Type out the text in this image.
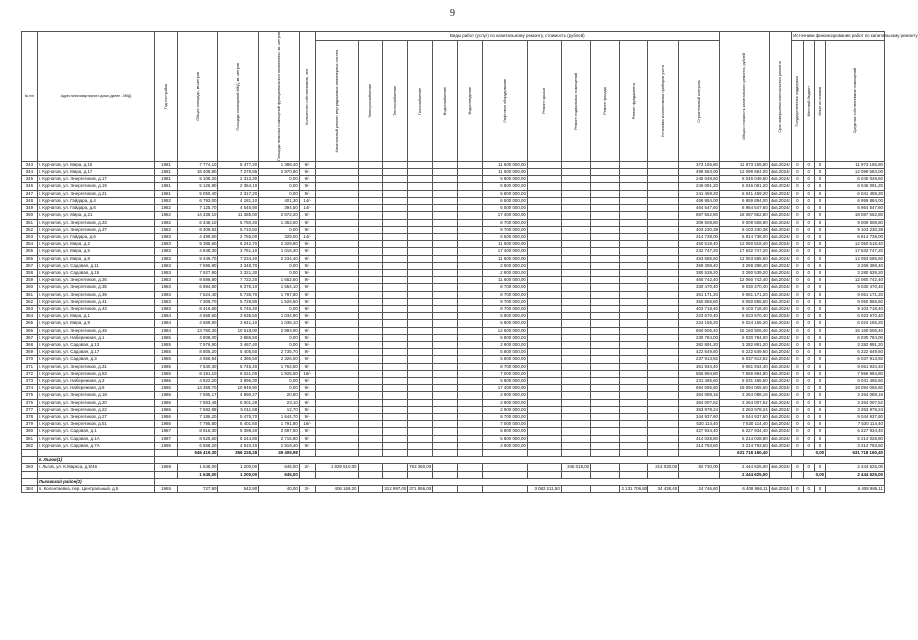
9
№ п/п	Адрес многоквартирного дома (далее - МКД)	Год постройки	Общая площадь, кв.метров	Площадь помещений МКД, кв. метров	Площадь нежилых помещений функционального назначения, кв. метров	Количество собственников, чел	Виды работ (услуг) по капитальному ремонту, стоимость (рублей)													Общая стоимость капитального ремонта, рублей	Срок завершения капитального ремонта	Источники финансирования работ по капитальному ремонту			

							Капитальный ремонт внутридомовых инженерных систем	Электроснабжение	Теплоснабжение	Газоснабжение	Водоснабжение	Водоотведение	Лифтовое оборудование	Ремонт крыши	Ремонт подвальных помещений	Ремонт фасада	Ремонт фундамента	Установка коллективных приборов учета	Строительный контроль			Государственная поддержка	Местный бюджет	Иные источники	Средства собственников помещений

343	г. Курчатов, ул. Мира, д.16	1981	7 774,10	5 477,20	1 388,40	9/-							11 600 000,00						373 155,80	11 973 155,80	4кв.2024г	0	0	0	11 973 155,80
344	г. Курчатов, ул. Мира, д.17	1981	16 408,80	7 279,85	2 870,80	9/-							11 600 000,00						499 584,00	12 099 584,00	4кв.2024г	0	0	0	12 099 584,00
345	г. Курчатов, ул. Энергетиков, д.17	1981	5 105,20	2 313,30	0,00	9/-							5 800 000,00						245 049,60	6 045 049,60	4кв.2024г	0	0	0	6 045 049,60
346	г. Курчатов, ул. Энергетиков, д.19	1981	5 125,90	2 364,10	0,00	9/-							5 800 000,00						246 091,20	6 046 091,20	4кв.2024г	0	0	0	6 046 091,20
347	г. Курчатов, ул. Энергетиков, д.21	1981	5 050,40	2 317,20	0,00	9/-							5 800 000,00						241 459,20	6 041 459,20	4кв.2024г	0	0	0	6 041 459,20
348	г. Курчатов, ул. Гайдара, д.4	1982	6 793,00	4 181,10	401,30	14/-							6 500 000,00						459 884,00	6 959 884,00	4кв.2024г	0	0	0	6 959 884,00
349	г. Курчатов, ул. Гайдара, д.6	1982	7 125,70	4 545,90	394,50	14/-							6 500 000,00						464 547,60	6 964 547,60	4кв.2024г	0	0	0	6 964 547,60
350	г. Курчатов, ул. Мира, д.21	1982	14 338,10	11 385,00	2 872,20	9/-							17 400 000,00						687 552,80	18 087 552,80	4кв.2024г	0	0	0	18 087 552,80
351	г. Курчатов, ул. Энергетиков, д.33	1982	6 448,10	5 750,40	1 353,50	9/-							8 700 000,00						309 508,80	9 009 508,80	4кв.2024г	0	0	0	9 009 508,80
352	г. Курчатов, ул. Энергетиков, д.37	1982	8 409,82	5 710,82	0,00	9/-							8 700 000,00						403 230,38	9 103 230,38	4кв.2024г	0	0	0	9 103 230,38
353	г. Курчатов, ул. Гайдара, д.6	1983	4 499,50	2 755,00	329,00	14/-							6 500 000,00						314 738,00	6 814 738,00	4кв.2024г	0	0	0	6 814 738,00
354	г. Курчатов, ул. Мира, д.2	1983	9 385,60	6 242,70	2 329,80	9/-							11 600 000,00						450 518,40	12 050 518,40	4кв.2024г	0	0	0	12 050 518,40
355	г. Курчатов, ул. Мира, д.5	1983	4 848,30	3 761,10	1 016,30	9/-							17 400 000,00						232 747,20	17 632 747,20	4кв.2024г	0	0	0	17 632 747,20
356	г. Курчатов, ул. Мира, д.8	1983	9 449,70	7 234,40	2 234,40	9/-							11 600 000,00						453 585,60	12 053 585,60	4кв.2024г	0	0	0	12 053 585,60
357	г. Курчатов, ул. Садовая, д.11	1983	7 695,80	3 348,70	0,00	9/-							2 900 000,00						369 398,40	3 269 398,40	4кв.2024г	0	0	0	3 269 398,40
358	г. Курчатов, ул. Садовая, д.15	1983	7 927,90	3 321,30	0,00	9/-							2 900 000,00						380 539,20	3 280 539,20	4кв.2024г	0	0	0	3 280 539,20
359	г. Курчатов, ул. Энергетиков, д.26	1983	9 598,80	7 722,20	1 652,60	9/-							11 600 000,00						460 742,40	12 060 742,40	4кв.2024г	0	0	0	12 060 742,40
360	г. Курчатов, ул. Энергетиков, д.35	1983	6 884,80	5 376,10	1 554,10	9/-							8 700 000,00						330 470,40	9 030 470,40	4кв.2024г	0	0	0	9 030 470,40
361	г. Курчатов, ул. Энергетиков, д.39	1983	7 524,40	5 736,70	1 797,80	9/-							8 700 000,00						361 171,20	9 061 171,20	4кв.2024г	0	0	0	9 061 171,20
362	г. Курчатов, ул. Энергетиков, д.41	1983	7 309,70	5 729,80	1 526,50	9/-							8 700 000,00						350 865,60	9 050 865,60	4кв.2024г	0	0	0	9 050 865,60
363	г. Курчатов, ул. Энергетиков, д.43	1983	8 416,60	5 746,40	0,00	9/-							8 700 000,00						403 718,40	9 103 718,40	4кв.2024г	0	0	0	9 103 718,40
364	г. Курчатов, ул. Мира, д.1	1984	4 659,60	3 636,50	1 034,90	9/-							5 800 000,00						223 670,40	6 023 670,40	4кв.2024г	0	0	0	6 023 670,40
365	г. Курчатов, ул. Мира, д.9	1984	4 669,90	3 641,10	1 036,10	9/-							5 800 000,00						224 155,20	6 024 155,20	4кв.2024г	0	0	0	6 024 155,20
366	г. Курчатов, ул. Энергетиков, д.45	1984	13 760,30	10 518,00	2 993,90	9/-							14 500 000,00						660 506,40	15 160 506,40	4кв.2024г	0	0	0	15 160 506,40
367	г. Курчатов, ул. Набережная, д.1	1985	4 808,00	3 886,50	0,00	9/-							5 800 000,00						230 784,00	6 030 784,00	4кв.2024г	0	0	0	6 030 784,00
368	г. Курчатов, ул. Садовая, д.13	1985	7 976,90	3 467,40	0,00	9/-							2 900 000,00						382 891,20	3 282 891,20	4кв.2024г	0	0	0	3 282 891,20
369	г. Курчатов, ул. Садовая, д.17	1985	8 805,20	5 405,50	2 735,70	9/-							5 800 000,00						422 649,60	6 222 649,60	4кв.2024г	0	0	0	6 222 649,60
370	г. Курчатов, ул. Садовая, д.3	1985	4 956,94	4 396,50	2 326,00	9/-							5 800 000,00						237 913,92	6 037 913,92	4кв.2024г	0	0	0	6 037 913,92
371	г. Курчатов, ул. Энергетиков, д.31	1985	7 540,30	5 745,40	1 764,50	9/-							8 700 000,00						361 934,40	9 061 934,40	4кв.2024г	0	0	0	9 061 934,40
372	г. Курчатов, ул. Энергетиков, д.53	1985	8 191,10	6 221,00	1 925,50	16/-							7 000 000,00						556 994,80	7 556 994,80	4кв.2024г	0	0	0	7 556 994,80
373	г. Курчатов, ул. Набережная, д.3	1986	4 822,20	3 896,30	0,00	9/-							5 800 000,00						231 465,60	6 031 465,60	4кв.2024г	0	0	0	6 031 465,60
374	г. Курчатов, ул. Набережная, д.9	1986	14 459,70	10 949,90	0,00	9/-							17 400 000,00						694 065,60	18 094 065,60	4кв.2024г	0	0	0	18 094 065,60
375	г. Курчатов, ул. Энергетиков, д.18	1986	7 585,17	4 990,27	20,90	9/-							2 900 000,00						364 088,16	3 264 088,16	4кв.2024г	0	0	0	3 264 088,16
376	г. Курчатов, ул. Энергетиков, д.20	1986	7 583,49	5 001,29	23,10	9/-							2 900 000,00						364 007,52	3 264 007,52	4кв.2024г	0	0	0	3 264 007,52
377	г. Курчатов, ул. Энергетиков, д.22	1986	7 582,88	5 011,68	12,70	9/-							2 900 000,00						363 978,24	3 263 978,24	4кв.2024г	0	0	0	3 263 978,24
378	г. Курчатов, ул. Энергетиков, д.27	1986	7 186,20	5 475,70	1 644,70	9/-							8 700 000,00						344 937,60	9 044 937,60	4кв.2024г	0	0	0	9 044 937,60
379	г. Курчатов, ул. Энергетиков, д.51	1986	7 795,80	6 401,60	1 791,80	16/-							7 000 000,00						530 114,40	7 530 114,40	4кв.2024г	0	0	0	7 530 114,40
380	г. Курчатов, ул. Садовая, д.1	1987	8 915,30	5 398,40	2 697,50	9/-							5 800 000,00						427 934,40	6 227 934,40	4кв.2024г	0	0	0	6 227 934,40
381	г. Курчатов, ул. Садовая, д.1А	1987	8 625,60	5 244,80	2 715,80	9/-							5 800 000,00						414 028,80	6 214 028,80	4кв.2024г	0	0	0	6 214 028,80
382	г. Курчатов, ул. Садовая, д.7А	1995	6 558,20	4 910,40	1 919,40	9/-							2 900 000,00						314 793,60	3 214 793,60	4кв.2024г	0	0	0	3 214 793,60
			546 419,30	366 226,28	49 409,98															631 718 160,40			0,00		631 718 160,40
	г. Льгов(1)																								
383	г. Льгов, ул. К.Маркса, д.5/46	1958	1 645,00	1 200,00	645,00	2/-	1 829 510,00			763 350,00					345 015,00			214 020,00	82 730,00	2 444 625,00	4кв.2024г	0	0	0	2 444 625,00
			1 645,00	1 200,00	645,00															2 444 625,00			0,00		2 444 625,00
	Льговский район(2)																								
384	п. Колонтаевка, пер. Центральный, д.5	1965	727,90	542,90	40,00	2/-	406 169,20		312 997,00	371 956,00				3 082 211,50			2 131 706,80	34 438,40	24 746,60	6 408 986,11	4кв.2024г	0	0	0	6 408 986,11
